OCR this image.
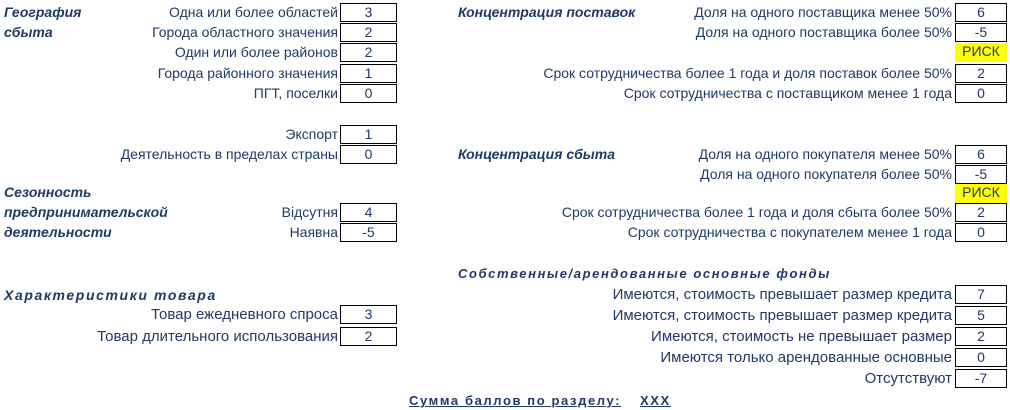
География
сбыта
Одна или более областей	3
Города областного значения	2
Один или более районов	2
Города районного значения	1
ПГТ, поселки	0
Экспорт	1
Деятельность в пределах страны	0
Сезонность
предпринимательской
деятельности
Відсутня	4
Наявна	-5
Характеристики товара
Товар ежедневного спроса	3
Товар длительного использования	2
Концентрация поставок	Доля на одного поставщика менее 50%	6
Доля на одного поставщика более 50%	-5
РИСК
Срок сотрудничества более 1 года и доля поставок более 50%	2
Срок сотрудничества с поставщиком менее 1 года	0
Концентрация сбыта	Доля на одного покупателя менее 50%	6
Доля на одного покупателя более 50%	-5
РИСК
Срок сотрудничества более 1 года и доля сбыта более 50%	2
Срок сотрудничества с покупателем менее 1 года	0
Собственные/арендованные основные фонды
Имеются, стоимость превышает размер кредита	7
Имеются, стоимость превышает размер кредита	5
Имеются, стоимость не превышает размер	2
Имеются только арендованные основные	0
Отсутствуют	-7
Сумма баллов по разделу: ХХХ
